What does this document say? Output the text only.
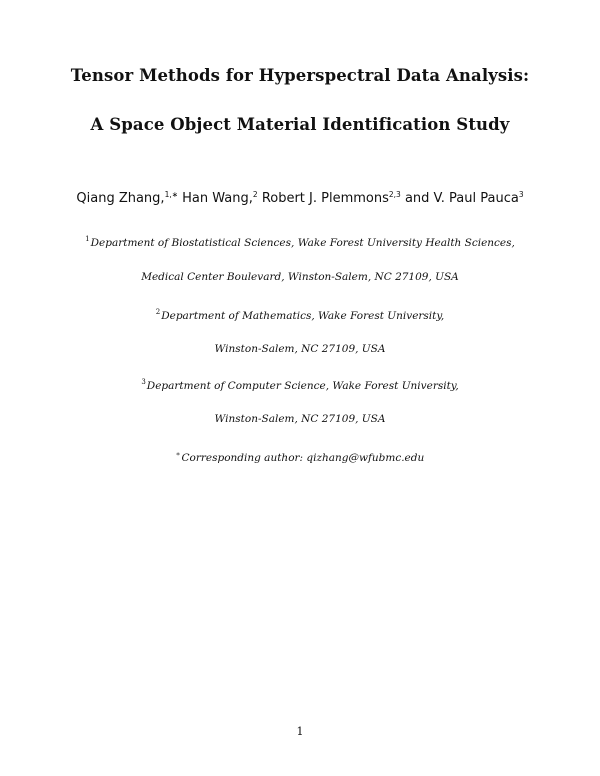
Tensor Methods for Hyperspectral Data Analysis:
A Space Object Material Identification Study
Qiang Zhang,$^{1,∗}$ Han Wang,$^2$ Robert J. Plemmons$^{2,3}$ and V. Paul Pauca$^3$
$^1$Department of Biostatistical Sciences, Wake Forest University Health Sciences,
Medical Center Boulevard, Winston-Salem, NC 27109, USA
$^2$Department of Mathematics, Wake Forest University,
Winston-Salem, NC 27109, USA
$^3$Department of Computer Science, Wake Forest University,
Winston-Salem, NC 27109, USA
∗Corresponding author: qizhang@wfubmc.edu
1
